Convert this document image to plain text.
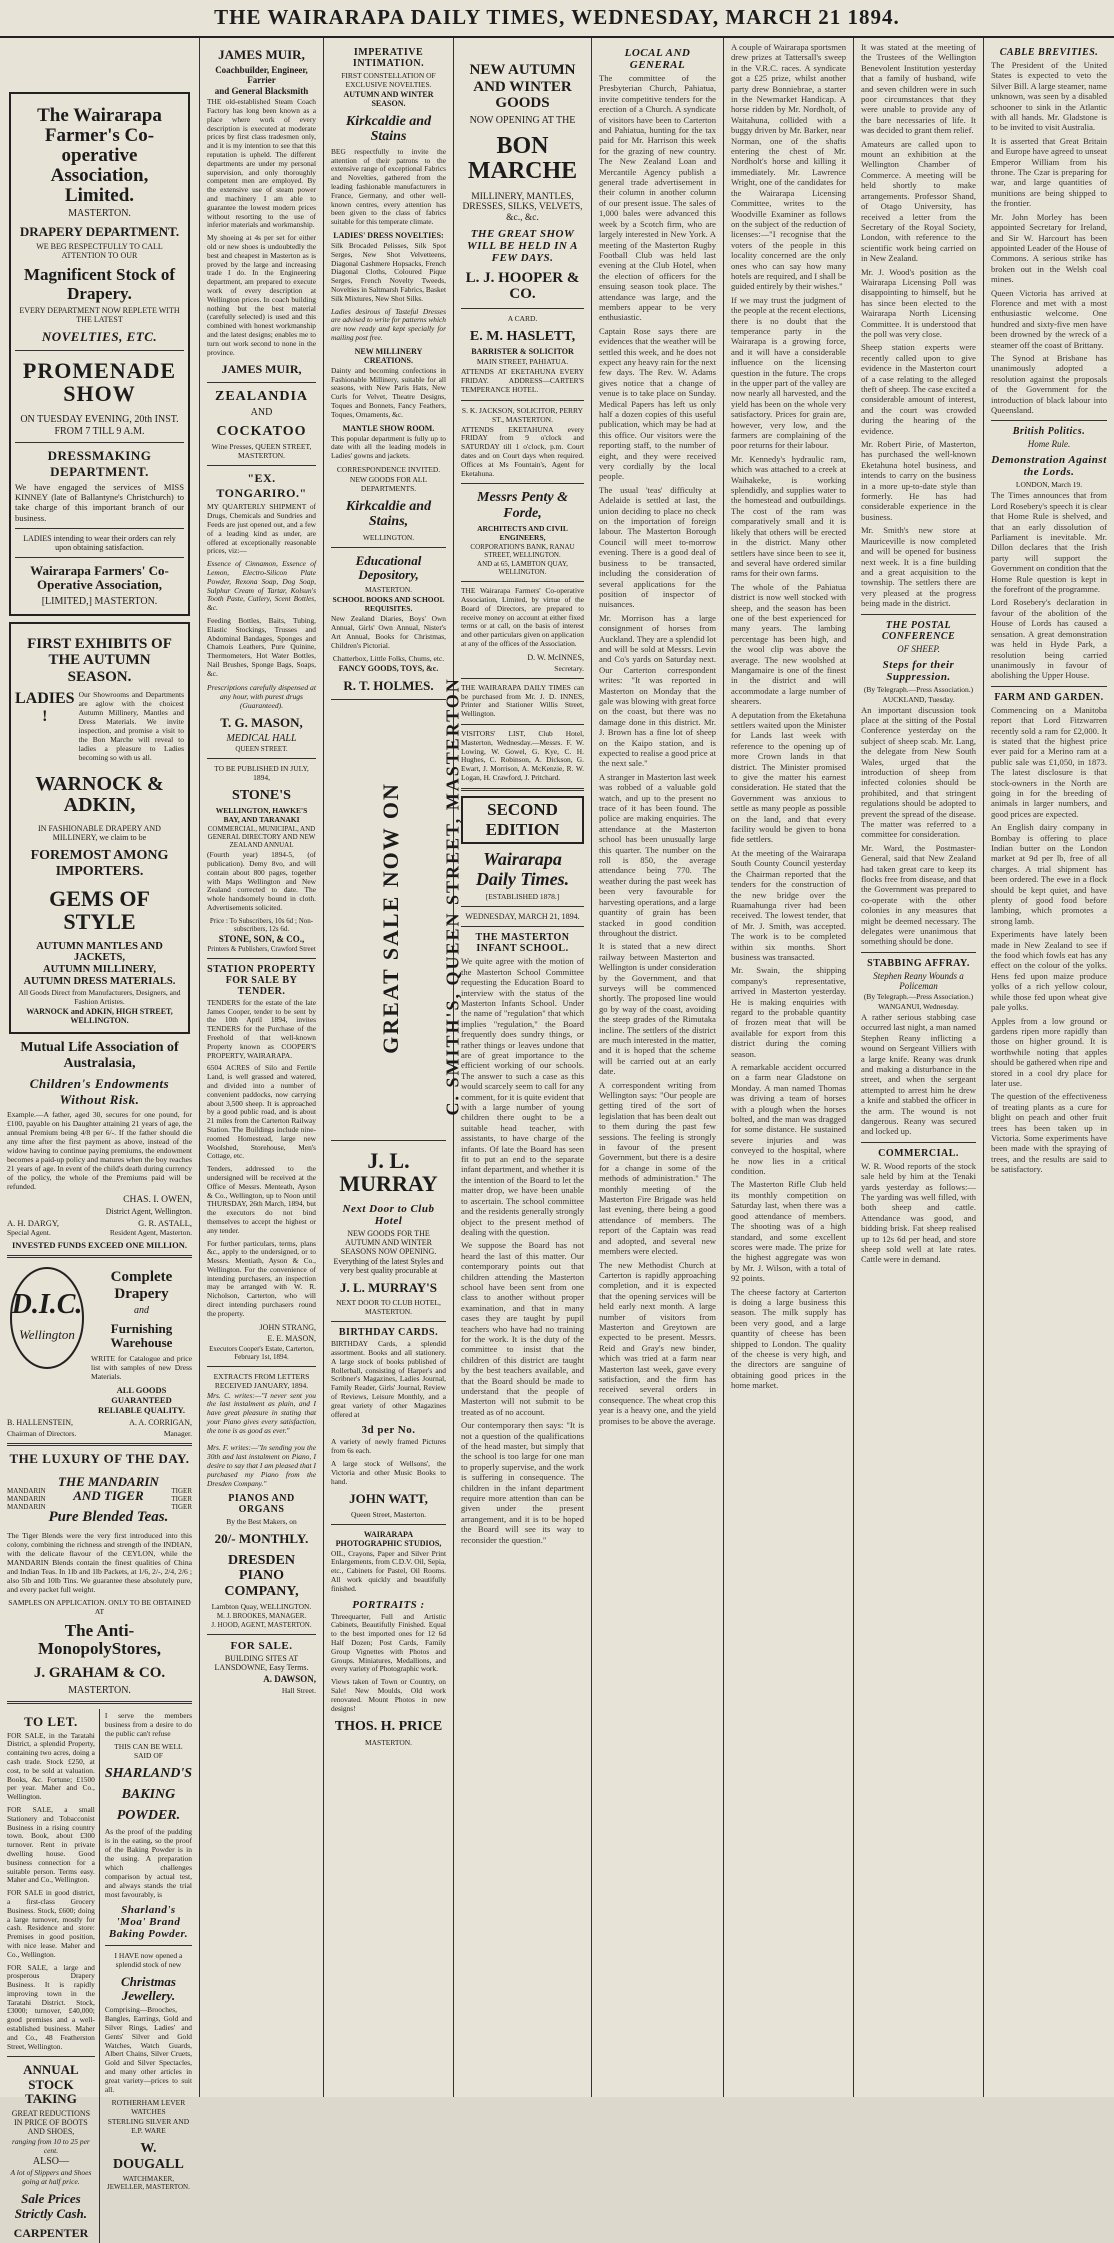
THE WAIRARAPA DAILY TIMES, WEDNESDAY, MARCH 21 1894.
The Wairarapa Farmer's Co-operative Association, Limited.
MASTERTON.
DRAPERY DEPARTMENT.
WE BEG RESPECTFULLY TO CALL ATTENTION TO OUR
Magnificent Stock of Drapery.
EVERY DEPARTMENT NOW REPLETE WITH THE LATEST
NOVELTIES, ETC.
PROMENADE SHOW
ON TUESDAY EVENING, 20th INST.
FROM 7 TILL 9 A.M.
DRESSMAKING DEPARTMENT.
We have engaged the services of MISS KINNEY (late of Ballantyne's Christchurch) to take charge of this important branch of our business.
LADIES intending to wear their orders can rely upon obtaining satisfaction.
Wairarapa Farmers' Co-Operative Association,
[LIMITED,] MASTERTON.
FIRST EXHIBITS OF THE AUTUMN SEASON.
LADIES !
Our Showrooms and Departments are aglow with the choicest Autumn Millinery, Mantles and Dress Materials. We invite inspection, and promise a visit to the Bon Marche will reveal to ladies a pleasure to Ladies becoming so with us all.
WARNOCK & ADKIN,
IN FASHIONABLE DRAPERY AND MILLINERY, we claim to be
FOREMOST AMONG IMPORTERS.
GEMS OF STYLE
AUTUMN MANTLES AND JACKETS,
AUTUMN MILLINERY,
AUTUMN DRESS MATERIALS.
All Goods Direct from Manufacturers, Designers, and Fashion Artistes.
WARNOCK and ADKIN, HIGH STREET, WELLINGTON.
Mutual Life Association of Australasia,
Children's Endowments Without Risk.
Example.—A father, aged 30, secures for one pound, for £100, payable on his Daughter attaining 21 years of age, the annual Premium being 4/8 per 6/-. If the father should die any time after the first payment as above, instead of the widow having to continue paying premiums, the endowment becomes a paid-up policy and matures when the boy reaches 21 years of age. In event of the child's death during currency of the policy, the whole of the Premiums paid will be refunded.
CHAS. I. OWEN,
District Agent, Wellington.
A. H. DARGY,	G. R. ASTALL,
Special Agent.	Resident Agent, Masterton.
INVESTED FUNDS EXCEED ONE MILLION.
D.I.C.
Wellington
Complete Drapery
and
Furnishing Warehouse
WRITE for Catalogue and price list with samples of new Dress Materials.
ALL GOODS GUARANTEED RELIABLE QUALITY.
B. HALLENSTEIN,	A. A. CORRIGAN,
Chairman of Directors.	Manager.
THE LUXURY OF THE DAY.
MANDARIN
MANDARIN
MANDARIN
THE MANDARIN AND TIGER
Pure Blended Teas.
TIGER
TIGER
TIGER
The Tiger Blends were the very first introduced into this colony, combining the richness and strength of the INDIAN, with the delicate flavour of the CEYLON, while the MANDARIN Blends contain the finest qualities of China and Indian Teas. In 1lb and 1lb Packets, at 1/6, 2/-, 2/4, 2/6 ; also 5lb and 10lb Tins. We guarantee these absolutely pure, and every packet full weight.
SAMPLES ON APPLICATION. ONLY TO BE OBTAINED AT
The Anti-MonopolyStores,
J. GRAHAM & CO.
MASTERTON.
TO LET.
FOR SALE, in the Taratahi District, a splendid Property, containing two acres, doing a cash trade. Stock £250, at cost, to be sold at valuation. Books, &c. Fortune; £1500 per year. Maher and Co., Wellington.
FOR SALE, a small Stationery and Tobacconist Business in a rising country town. Book, about £300 turnover. Rent in private dwelling house. Good business connection for a suitable person. Terms easy. Maher and Co., Wellington.
FOR SALE in good district, a first-class Grocery Business. Stock, £600; doing a large turnover, mostly for cash. Residence and store: Premises in good position, with nice lease. Maher and Co., Wellington.
FOR SALE, a large and prosperous Drapery Business. It is rapidly improving town in the Taratahi District. Stock, £3000; turnover, £40,000; good premises and a well-established business. Maher and Co., 48 Featherston Street, Wellington.
ANNUAL STOCK TAKING
GREAT REDUCTIONS IN PRICE OF BOOTS AND SHOES,
ranging from 10 to 25 per cent.
ALSO—
A lot of Slippers and Shoes going at half price.
Sale Prices Strictly Cash.
CARPENTER
I serve the members business from a desire to do the public can't refuse
THIS CAN BE WELL SAID OF
SHARLAND'S
BAKING
POWDER.
As the proof of the pudding is in the eating, so the proof of the Baking Powder is in the using. A preparation which challenges comparison by actual test, and always stands the trial most favourably, is
Sharland's 'Moa' Brand Baking Powder.
I HAVE now opened a splendid stock of new
Christmas Jewellery.
Comprising—Brooches, Bangles, Earrings, Gold and Silver Rings, Ladies' and Gents' Silver and Gold Watches, Watch Guards, Albert Chains, Silver Cruets, Gold and Silver Spectacles, and many other articles in great variety—prices to suit all.
ROTHERHAM LEVER WATCHES
STERLING SILVER AND E.P. WARE
W. DOUGALL
WATCHMAKER, JEWELLER, MASTERTON.
JAMES MUIR,
Coachbuilder, Engineer, Farrier
and General Blacksmith
THE old-established Steam Coach Factory has long been known as a place where work of every description is executed at moderate prices by first class tradesmen only, and it is my intention to see that this reputation is upheld. The different departments are under my personal supervision, and only thoroughly competent men are employed. By the extensive use of steam power and machinery I am able to guarantee the lowest modern prices without resorting to the use of inferior materials and workmanship.
My shoeing at 4s per set for either old or new shoes is undoubtedly the best and cheapest in Masterton as is proved by the large and increasing trade I do. In the Engineering department, am prepared to execute work of every description at Wellington prices. In coach building nothing but the best material (carefully selected) is used and this combined with honest workmanship and the latest designs; enables me to turn out work second to none in the province.
JAMES MUIR,
ZEALANDIA
AND
COCKATOO
Wine Presses, QUEEN STREET, MASTERTON.
"EX. TONGARIRO."
MY QUARTERLY SHIPMENT of Drugs, Chemicals and Sundries and Feeds are just opened out, and a few of a leading kind as under, are offered at exceptionally reasonable prices, viz:—
Essence of Cinnamon, Essence of Lemon, Electro-Silicon Plate Powder, Rexona Soap, Dog Soap, Sulphur Cream of Tartar, Kolsun's Tooth Paste, Cutlery, Scent Bottles, &c.
Feeding Bottles, Baits, Tubing, Elastic Stockings, Trusses and Abdominal Bandages, Sponges and Chamois Leathers, Pure Quinine, Thermometers, Hot Water Bottles, Nail Brushes, Sponge Bags, Soaps, &c.
Prescriptions carefully dispensed at any hour, with purest drugs (Guaranteed).
T. G. MASON,
MEDICAL HALL
QUEEN STREET.
TO BE PUBLISHED IN JULY, 1894,
STONE'S
WELLINGTON, HAWKE'S BAY, AND TARANAKI
COMMERCIAL, MUNICIPAL, AND GENERAL DIRECTORY AND NEW ZEALAND ANNUAL
(Fourth year) 1894-5, (of publication). Demy 8vo, and will contain about 800 pages, together with Maps Wellington and New Zealand corrected to date. The whole handsomely bound in cloth. Advertisements solicited.
Price : To Subscribers, 10s 6d ; Non-subscribers, 12s 6d.
STONE, SON, & CO.,
Printers & Publishers, Crawford Street
STATION PROPERTY FOR SALE BY TENDER.
TENDERS for the estate of the late James Cooper, tender to be sent by the 10th April 1894, invites TENDERS for the Purchase of the Freehold of that well-known Property known as COOPER'S PROPERTY, WAIRARAPA.
6504 ACRES of Silo and Fertile Land, is well grassed and watered, and divided into a number of convenient paddocks, now carrying about 3,500 sheep. It is approached by a good public road, and is about 21 miles from the Carterton Railway Station. The Buildings include nine-roomed Homestead, large new Woolshed, Storehouse, Men's Cottage, etc.
Tenders, addressed to the undersigned will be received at the Office of Messrs. Menteath, Ayson & Co., Wellington, up to Noon until THURSDAY, 26th March, 1894, but the executors do not bind themselves to accept the highest or any tender.
For further particulars, terms, plans &c., apply to the undersigned, or to Messrs. Mentiath, Ayson & Co., Wellington. For the convenience of intending purchasers, an inspection may be arranged with W. R. Nicholson, Carterton, who will direct intending purchasers round the property.
JOHN STRANG,
E. E. MASON,
Executors Cooper's Estate, Carterton, February 1st, 1894.
EXTRACTS FROM LETTERS RECEIVED JANUARY, 1894.
Mrs. C. writes:—"I never sent you the last instalment as plain, and I have great pleasure in stating that your Piano gives every satisfaction, the tone is as good as ever."

Mrs. F. writes:—"In sending you the 30th and last instalment on Piano, I desire to say that I am pleased that I purchased my Piano from the Dresden Company."
PIANOS AND ORGANS
By the Best Makers, on
20/- MONTHLY.
DRESDEN PIANO COMPANY,
Lambton Quay, WELLINGTON.
M. J. BROOKES, MANAGER.
J. HOOD, AGENT, MASTERTON.
FOR SALE.
BUILDING SITES AT LANSDOWNE, Easy Terms.
A. DAWSON,
Hall Street.
IMPERATIVE INTIMATION.
FIRST CONSTELLATION OF EXCLUSIVE NOVELTIES.
AUTUMN AND WINTER SEASON.
Kirkcaldie and Stains
BEG respectfully to invite the attention of their patrons to the extensive range of exceptional Fabrics and Novelties, gathered from the leading fashionable manufacturers in France, Germany, and other well-known centres, every attention has been given to the class of fabrics suitable for this temperate climate.
LADIES' DRESS NOVELTIES:
Silk Brocaded Pelisses, Silk Spot Serges, New Shot Velvetteens, Diagonal Cashmere Hopsacks, French Diagonal Cloths, Coloured Pique Serges, French Novelty Tweeds, Novelties in Saltmarsh Fabrics, Basket Silk Mixtures, New Shot Silks.
Ladies desirous of Tasteful Dresses are advised to write for patterns which are now ready and kept specially for mailing post free.
NEW MILLINERY CREATIONS.
Dainty and becoming confections in Fashionable Millinery, suitable for all seasons, with New Paris Hats, New Curls for Velvet, Theatre Designs, Toques and Bonnets, Fancy Feathers, Toques, Ornaments, &c.
MANTLE SHOW ROOM.
This popular department is fully up to date with all the leading models in Ladies' gowns and jackets.
CORRESPONDENCE INVITED.
NEW GOODS FOR ALL DEPARTMENTS.
Kirkcaldie and Stains,
WELLINGTON.
Educational Depository,
MASTERTON.
SCHOOL BOOKS AND SCHOOL REQUISITES.
New Zealand Diaries, Boys' Own Annual, Girls' Own Annual, Nister's Art Annual, Books for Christmas, Children's Pictorial.
Chatterbox, Little Folks, Chums, etc.
FANCY GOODS, TOYS, &c.
R. T. HOLMES.
GREAT SALE NOW ON C. SMITH'S, QUEEN STREET, MASTERTON
J. L. MURRAY
Next Door to Club Hotel
NEW GOODS FOR THE AUTUMN AND WINTER SEASONS NOW OPENING.
Everything of the latest Styles and very best quality procurable at
J. L. MURRAY'S
NEXT DOOR TO CLUB HOTEL, MASTERTON.
BIRTHDAY CARDS.
BIRTHDAY Cards, a splendid assortment. Books and all stationery. A large stock of books published of Rollerball, consisting of Harper's and Scribner's Magazines, Ladies Journal, Family Reader, Girls' Journal, Review of Reviews, Leisure Monthly, and a great variety of other Magazines offered at
3d per No.
A variety of newly framed Pictures from 6s each.
A large stock of Wellsons', the Victoria and other Music Books to hand.
JOHN WATT,
Queen Street, Masterton.
WAIRARAPA PHOTOGRAPHIC STUDIOS,
OIL, Crayons, Paper and Silver Print Enlargements, from C.D.V. Oil, Sepia, etc., Cabinets for Pastel, Oil Rooms. All work quickly and beautifully finished.
PORTRAITS :
Threequarter, Full and Artistic Cabinets, Beautifully Finished. Equal to the best imported ones for 12 6d Half Dozen; Post Cards, Family Group Vignettes with Photos and Groups. Miniatures, Medallions, and every variety of Photographic work.
Views taken of Town or Country, on Sale! New Moulds, Old work renovated. Mount Photos in new designs!
THOS. H. PRICE
MASTERTON.
NEW AUTUMN AND WINTER GOODS
NOW OPENING AT THE
BON MARCHE
MILLINERY, MANTLES, DRESSES, SILKS, VELVETS,
&c., &c.
THE GREAT SHOW WILL BE HELD IN A FEW DAYS.
L. J. HOOPER & CO.
A CARD.
E. M. HASLETT,
BARRISTER & SOLICITOR
MAIN STREET, PAHIATUA.
ATTENDS AT EKETAHUNA EVERY FRIDAY. ADDRESS—CARTER'S TEMPERANCE HOTEL.
S. K. JACKSON, SOLICITOR, PERRY ST., MASTERTON.
ATTENDS EKETAHUNA every FRIDAY from 9 o'clock and SATURDAY till 1 o'clock, p.m. Court dates and on Court days when required. Offices at Ms Fountain's, Agent for Eketahuna.
Messrs Penty & Forde,
ARCHITECTS AND CIVIL ENGINEERS,
CORPORATION'S BANK, RANAU STREET, WELLINGTON.
AND at 65, LAMBTON QUAY, WELLINGTON.
THE Wairarapa Farmers' Co-operative Association, Limited, by virtue of the Board of Directors, are prepared to receive money on account at either fixed terms or at call, on the basis of interest and other particulars given on application at any of the offices of the Association.
D. W. McINNES,
Secretary.
THE WAIRARAPA DAILY TIMES can be purchased from Mr. J. D. INNES, Printer and Stationer Willis Street, Wellington.
VISITORS' LIST, Club Hotel, Masterton, Wednesday.—Messrs. F. W. Lowing, W. Gowel, G. Kye, C. H. Hughes, C. Robinson, A. Dickson, G. Ewart, J. Morrison, A. McKenzie, R. W. Logan, H. Crawford, J. Pritchard.
SECOND EDITION
Wairarapa Daily Times.
[ESTABLISHED 1878.]
WEDNESDAY, MARCH 21, 1894.
THE MASTERTON INFANT SCHOOL.
We quite agree with the motion of the Masterton School Committee requesting the Education Board to interview with the status of the Masterton Infants School. Under the name of "regulation" that which implies "regulation," the Board frequently does sundry things, or rather things or leaves undone that are of great importance to the efficient working of our schools. The answer to such a case as this would scarcely seem to call for any comment, for it is quite evident that with a large number of young children there ought to be a suitable head teacher, with assistants, to have charge of the infants. Of late the Board has seen fit to put an end to the separate infant department, and whether it is the intention of the Board to let the matter drop, we have been unable to ascertain. The school committee and the residents generally strongly object to the present method of dealing with the question.
We suppose the Board has not heard the last of this matter. Our contemporary points out that children attending the Masterton school have been sent from one class to another without proper examination, and that in many cases they are taught by pupil teachers who have had no training for the work. It is the duty of the committee to insist that the children of this district are taught by the best teachers available, and that the Board should be made to understand that the people of Masterton will not submit to be treated as of no account.
Our contemporary then says: "It is not a question of the qualifications of the head master, but simply that the school is too large for one man to properly supervise, and the work is suffering in consequence. The children in the infant department require more attention than can be given under the present arrangement, and it is to be hoped the Board will see its way to reconsider the question."
LOCAL AND GENERAL
The committee of the Presbyterian Church, Pahiatua, invite competitive tenders for the erection of a Church. A syndicate of visitors have been to Carterton and Pahiatua, hunting for the tax paid for Mr. Harrison this week for the grazing of new country. The New Zealand Loan and Mercantile Agency publish a general trade advertisement in their column in another column of our present issue. The sales of 1,000 bales were advanced this week by a Scotch firm, who are largely interested in New York. A meeting of the Masterton Rugby Football Club was held last evening at the Club Hotel, when the election of officers for the ensuing season took place. The attendance was large, and the members appear to be very enthusiastic.
Captain Rose says there are evidences that the weather will be settled this week, and he does not expect any heavy rain for the next few days. The Rev. W. Adams gives notice that a change of venue is to take place on Sunday. Medical Papers has left us only half a dozen copies of this useful publication, which may be had at this office. Our visitors were the reporting staff, to the number of eight, and they were received very cordially by the local people.
The usual 'teas' difficulty at Adelaide is settled at last, the union deciding to place no check on the importation of foreign labour. The Masterton Borough Council will meet to-morrow evening. There is a good deal of business to be transacted, including the consideration of several applications for the position of inspector of nuisances.
Mr. Morrison has a large consignment of horses from Auckland. They are a splendid lot and will be sold at Messrs. Levin and Co's yards on Saturday next. Our Carterton correspondent writes: "It was reported in Masterton on Monday that the gale was blowing with great force on the coast, but there was no damage done in this district. Mr. J. Brown has a fine lot of sheep on the Kaipo station, and is expected to realise a good price at the next sale."
A stranger in Masterton last week was robbed of a valuable gold watch, and up to the present no trace of it has been found. The police are making enquiries. The attendance at the Masterton school has been unusually large this quarter. The number on the roll is 850, the average attendance being 770. The weather during the past week has been very favourable for harvesting operations, and a large quantity of grain has been stacked in good condition throughout the district.
It is stated that a new direct railway between Masterton and Wellington is under consideration by the Government, and that surveys will be commenced shortly. The proposed line would go by way of the coast, avoiding the steep grades of the Rimutaka incline. The settlers of the district are much interested in the matter, and it is hoped that the scheme will be carried out at an early date.
A correspondent writing from Wellington says: "Our people are getting tired of the sort of legislation that has been dealt out to them during the past few sessions. The feeling is strongly in favour of the present Government, but there is a desire for a change in some of the methods of administration." The monthly meeting of the Masterton Fire Brigade was held last evening, there being a good attendance of members. The report of the Captain was read and adopted, and several new members were elected.
The new Methodist Church at Carterton is rapidly approaching completion, and it is expected that the opening services will be held early next month. A large number of visitors from Masterton and Greytown are expected to be present. Messrs. Reid and Gray's new binder, which was tried at a farm near Masterton last week, gave every satisfaction, and the firm has received several orders in consequence. The wheat crop this year is a heavy one, and the yield promises to be above the average.
A couple of Wairarapa sportsmen drew prizes at Tattersall's sweep in the V.R.C. races. A syndicate got a £25 prize, whilst another party drew Bonniebrae, a starter in the Newmarket Handicap. A horse ridden by Mr. Nordholt, of Waitahuna, collided with a buggy driven by Mr. Barker, near Norman, one of the shafts entering the chest of Mr. Nordholt's horse and killing it immediately. Mr. Lawrence Wright, one of the candidates for the Wairarapa Licensing Committee, writes to the Woodville Examiner as follows on the subject of the reduction of licenses:—"I recognise that the voters of the people in this locality concerned are the only ones who can say how many hotels are required, and I shall be guided entirely by their wishes."
If we may trust the judgment of the people at the recent elections, there is no doubt that the temperance party in the Wairarapa is a growing force, and it will have a considerable influence on the licensing question in the future. The crops in the upper part of the valley are now nearly all harvested, and the yield has been on the whole very satisfactory. Prices for grain are, however, very low, and the farmers are complaining of the poor returns for their labour.
Mr. Kennedy's hydraulic ram, which was attached to a creek at Waihakeke, is working splendidly, and supplies water to the homestead and outbuildings. The cost of the ram was comparatively small and it is likely that others will be erected in the district. Many other settlers have since been to see it, and several have ordered similar rams for their own farms.
The whole of the Pahiatua district is now well stocked with sheep, and the season has been one of the best experienced for many years. The lambing percentage has been high, and the wool clip was above the average. The new woolshed at Mangamaire is one of the finest in the district and will accommodate a large number of shearers.
A deputation from the Eketahuna settlers waited upon the Minister for Lands last week with reference to the opening up of more Crown lands in that district. The Minister promised to give the matter his earnest consideration. He stated that the Government was anxious to settle as many people as possible on the land, and that every facility would be given to bona fide settlers.
At the meeting of the Wairarapa South County Council yesterday the Chairman reported that the tenders for the construction of the new bridge over the Ruamahunga river had been received. The lowest tender, that of Mr. J. Smith, was accepted. The work is to be completed within six months. Short business was transacted.
Mr. Swain, the shipping company's representative, arrived in Masterton yesterday. He is making enquiries with regard to the probable quantity of frozen meat that will be available for export from this district during the coming season.
A remarkable accident occurred on a farm near Gladstone on Monday. A man named Thomas was driving a team of horses with a plough when the horses bolted, and the man was dragged for some distance. He sustained severe injuries and was conveyed to the hospital, where he now lies in a critical condition.
The Masterton Rifle Club held its monthly competition on Saturday last, when there was a good attendance of members. The shooting was of a high standard, and some excellent scores were made. The prize for the highest aggregate was won by Mr. J. Wilson, with a total of 92 points.
The cheese factory at Carterton is doing a large business this season. The milk supply has been very good, and a large quantity of cheese has been shipped to London. The quality of the cheese is very high, and the directors are sanguine of obtaining good prices in the home market.
It was stated at the meeting of the Trustees of the Wellington Benevolent Institution yesterday that a family of husband, wife and seven children were in such poor circumstances that they were unable to provide any of the bare necessaries of life. It was decided to grant them relief.
Amateurs are called upon to mount an exhibition at the Wellington Chamber of Commerce. A meeting will be held shortly to make arrangements. Professor Shand, of Otago University, has received a letter from the Secretary of the Royal Society, London, with reference to the scientific work being carried on in New Zealand.
Mr. J. Wood's position as the Wairarapa Licensing Poll was disappointing to himself, but he has since been elected to the Wairarapa North Licensing Committee. It is understood that the poll was very close.
Sheep station experts were recently called upon to give evidence in the Masterton court of a case relating to the alleged theft of sheep. The case excited a considerable amount of interest, and the court was crowded during the hearing of the evidence.
Mr. Robert Pirie, of Masterton, has purchased the well-known Eketahuna hotel business, and intends to carry on the business in a more up-to-date style than formerly. He has had considerable experience in the business.
Mr. Smith's new store at Mauriceville is now completed and will be opened for business next week. It is a fine building and a great acquisition to the township. The settlers there are very pleased at the progress being made in the district.
THE POSTAL CONFERENCE
OF SHEEP.
Steps for their Suppression.
(By Telegraph.—Press Association.)
AUCKLAND, Tuesday.
An important discussion took place at the sitting of the Postal Conference yesterday on the subject of sheep scab. Mr. Lang, the delegate from New South Wales, urged that the introduction of sheep from infected colonies should be prohibited, and that stringent regulations should be adopted to prevent the spread of the disease. The matter was referred to a committee for consideration.
Mr. Ward, the Postmaster-General, said that New Zealand had taken great care to keep its flocks free from disease, and that the Government was prepared to co-operate with the other colonies in any measures that might be deemed necessary. The delegates were unanimous that something should be done.
STABBING AFFRAY.
Stephen Reany Wounds a Policeman
(By Telegraph.—Press Association.)
WANGANUI, Wednesday.
A rather serious stabbing case occurred last night, a man named Stephen Reany inflicting a wound on Sergeant Villiers with a large knife. Reany was drunk and making a disturbance in the street, and when the sergeant attempted to arrest him he drew a knife and stabbed the officer in the arm. The wound is not dangerous. Reany was secured and locked up.
COMMERCIAL.
W. R. Wood reports of the stock sale held by him at the Tenaki yards yesterday as follows:—The yarding was well filled, with both sheep and cattle. Attendance was good, and bidding brisk. Fat sheep realised up to 12s 6d per head, and store sheep sold well at late rates. Cattle were in demand.
CABLE BREVITIES.
The President of the United States is expected to veto the Silver Bill. A large steamer, name unknown, was seen by a disabled schooner to sink in the Atlantic with all hands. Mr. Gladstone is to be invited to visit Australia.
It is asserted that Great Britain and Europe have agreed to unseat Emperor William from his throne. The Czar is preparing for war, and large quantities of munitions are being shipped to the frontier.
Mr. John Morley has been appointed Secretary for Ireland, and Sir W. Harcourt has been appointed Leader of the House of Commons. A serious strike has broken out in the Welsh coal mines.
Queen Victoria has arrived at Florence and met with a most enthusiastic welcome. One hundred and sixty-five men have been drowned by the wreck of a steamer off the coast of Brittany.
The Synod at Brisbane has unanimously adopted a resolution against the proposals of the Government for the introduction of black labour into Queensland.
British Politics.
Home Rule.
Demonstration Against the Lords.
LONDON, March 19.
The Times announces that from Lord Rosebery's speech it is clear that Home Rule is shelved, and that an early dissolution of Parliament is inevitable. Mr. Dillon declares that the Irish party will support the Government on condition that the Home Rule question is kept in the forefront of the programme.
Lord Rosebery's declaration in favour of the abolition of the House of Lords has caused a sensation. A great demonstration was held in Hyde Park, a resolution being carried unanimously in favour of abolishing the Upper House.
FARM AND GARDEN.
Commencing on a Manitoba report that Lord Fitzwarren recently sold a ram for £2,000. It is stated that the highest price ever paid for a Merino ram at a public sale was £1,050, in 1873. The latest disclosure is that stock-owners in the North are going in for the breeding of animals in larger numbers, and good prices are expected.
An English dairy company in Bombay is offering to place Indian butter on the London market at 9d per lb, free of all charges. A trial shipment has been ordered. The ewe in a flock should be kept quiet, and have plenty of good food before lambing, which promotes a strong lamb.
Experiments have lately been made in New Zealand to see if the food which fowls eat has any effect on the colour of the yolks. Hens fed upon maize produce yolks of a rich yellow colour, while those fed upon wheat give pale yolks.
Apples from a low ground or gardens ripen more rapidly than those on higher ground. It is worthwhile noting that apples should be gathered when ripe and stored in a cool dry place for later use.
The question of the effectiveness of treating plants as a cure for blight on peach and other fruit trees has been taken up in Victoria. Some experiments have been made with the spraying of trees, and the results are said to be satisfactory.
